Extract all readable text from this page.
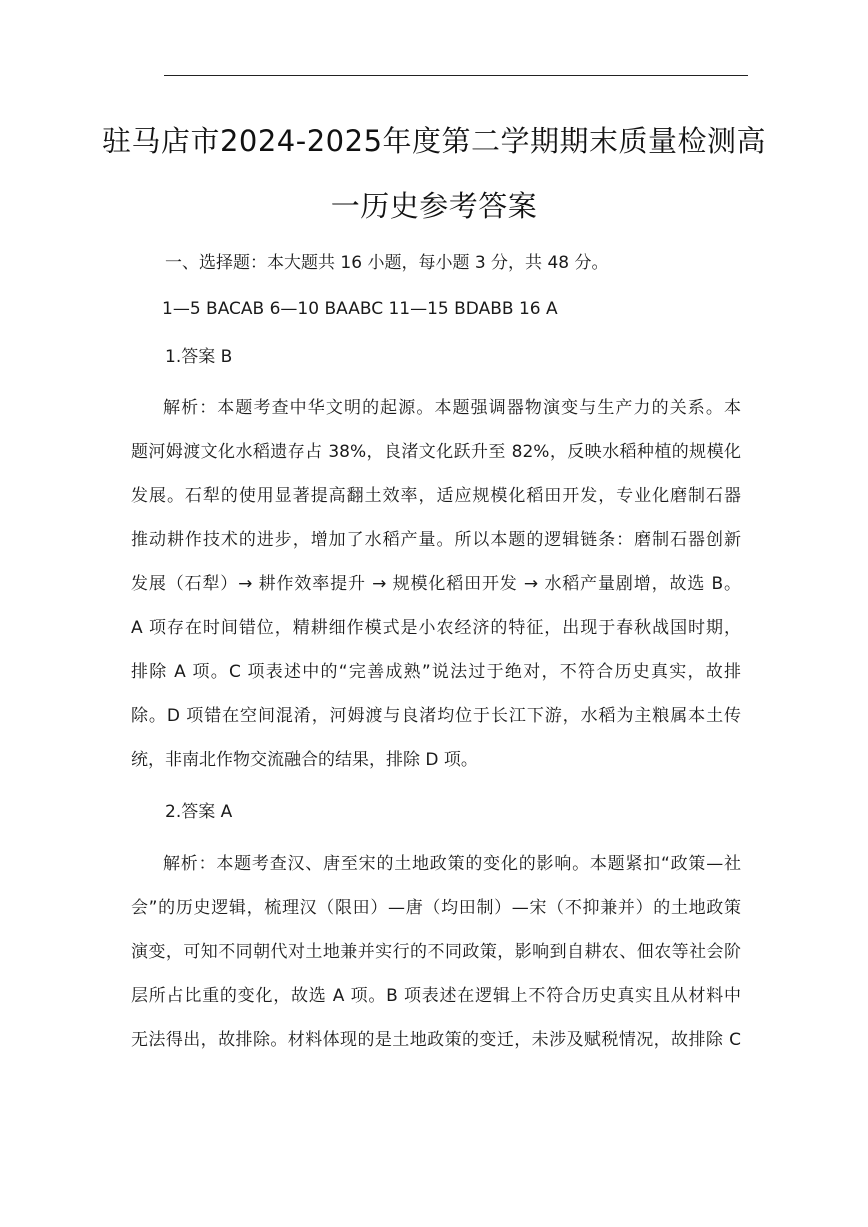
驻马店市2024-2025年度第二学期期末质量检测高
一历史参考答案
一、选择题：本大题共 16 小题，每小题 3 分，共 48 分。
1—5 BACAB 6—10 BAABC 11—15 BDABB 16 A
1.答案 B
解析：本题考查中华文明的起源。本题强调器物演变与生产力的关系。本
题河姆渡文化水稻遗存占 38%，良渚文化跃升至 82%，反映水稻种植的规模化
发展。石犁的使用显著提高翻土效率，适应规模化稻田开发，专业化磨制石器
推动耕作技术的进步，增加了水稻产量。所以本题的逻辑链条：磨制石器创新
发展（石犁）→ 耕作效率提升 → 规模化稻田开发 → 水稻产量剧增，故选 B。
A 项存在时间错位，精耕细作模式是小农经济的特征，出现于春秋战国时期，
排除 A 项。C 项表述中的“完善成熟”说法过于绝对，不符合历史真实，故排
除。D 项错在空间混淆，河姆渡与良渚均位于长江下游，水稻为主粮属本土传
统，非南北作物交流融合的结果，排除 D 项。
2.答案 A
解析：本题考查汉、唐至宋的土地政策的变化的影响。本题紧扣“政策—社
会”的历史逻辑，梳理汉（限田）—唐（均田制）—宋（不抑兼并）的土地政策
演变，可知不同朝代对土地兼并实行的不同政策，影响到自耕农、佃农等社会阶
层所占比重的变化，故选 A 项。B 项表述在逻辑上不符合历史真实且从材料中
无法得出，故排除。材料体现的是土地政策的变迁，未涉及赋税情况，故排除 C
